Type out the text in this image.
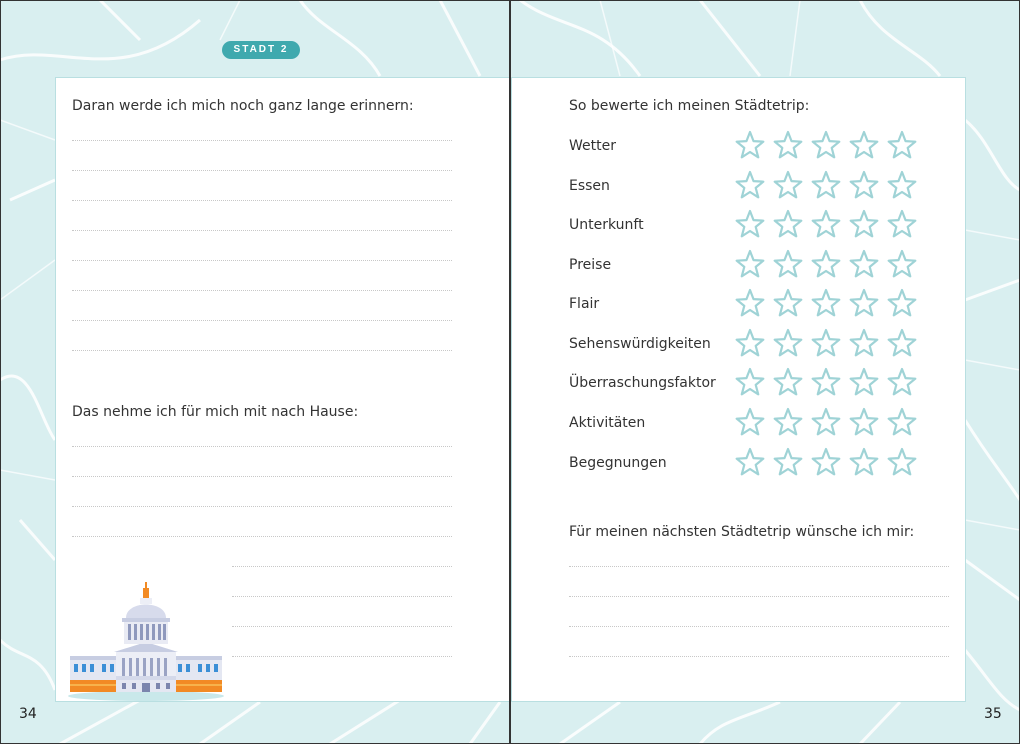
STADT 2
Daran werde ich mich noch ganz lange erinnern:
Das nehme ich für mich mit nach Hause:
34
So bewerte ich meinen Städtetrip:
Wetter
Essen
Unterkunft
Preise
Flair
Sehenswürdigkeiten
Überraschungsfaktor
Aktivitäten
Begegnungen
Für meinen nächsten Städtetrip wünsche ich mir:
35
